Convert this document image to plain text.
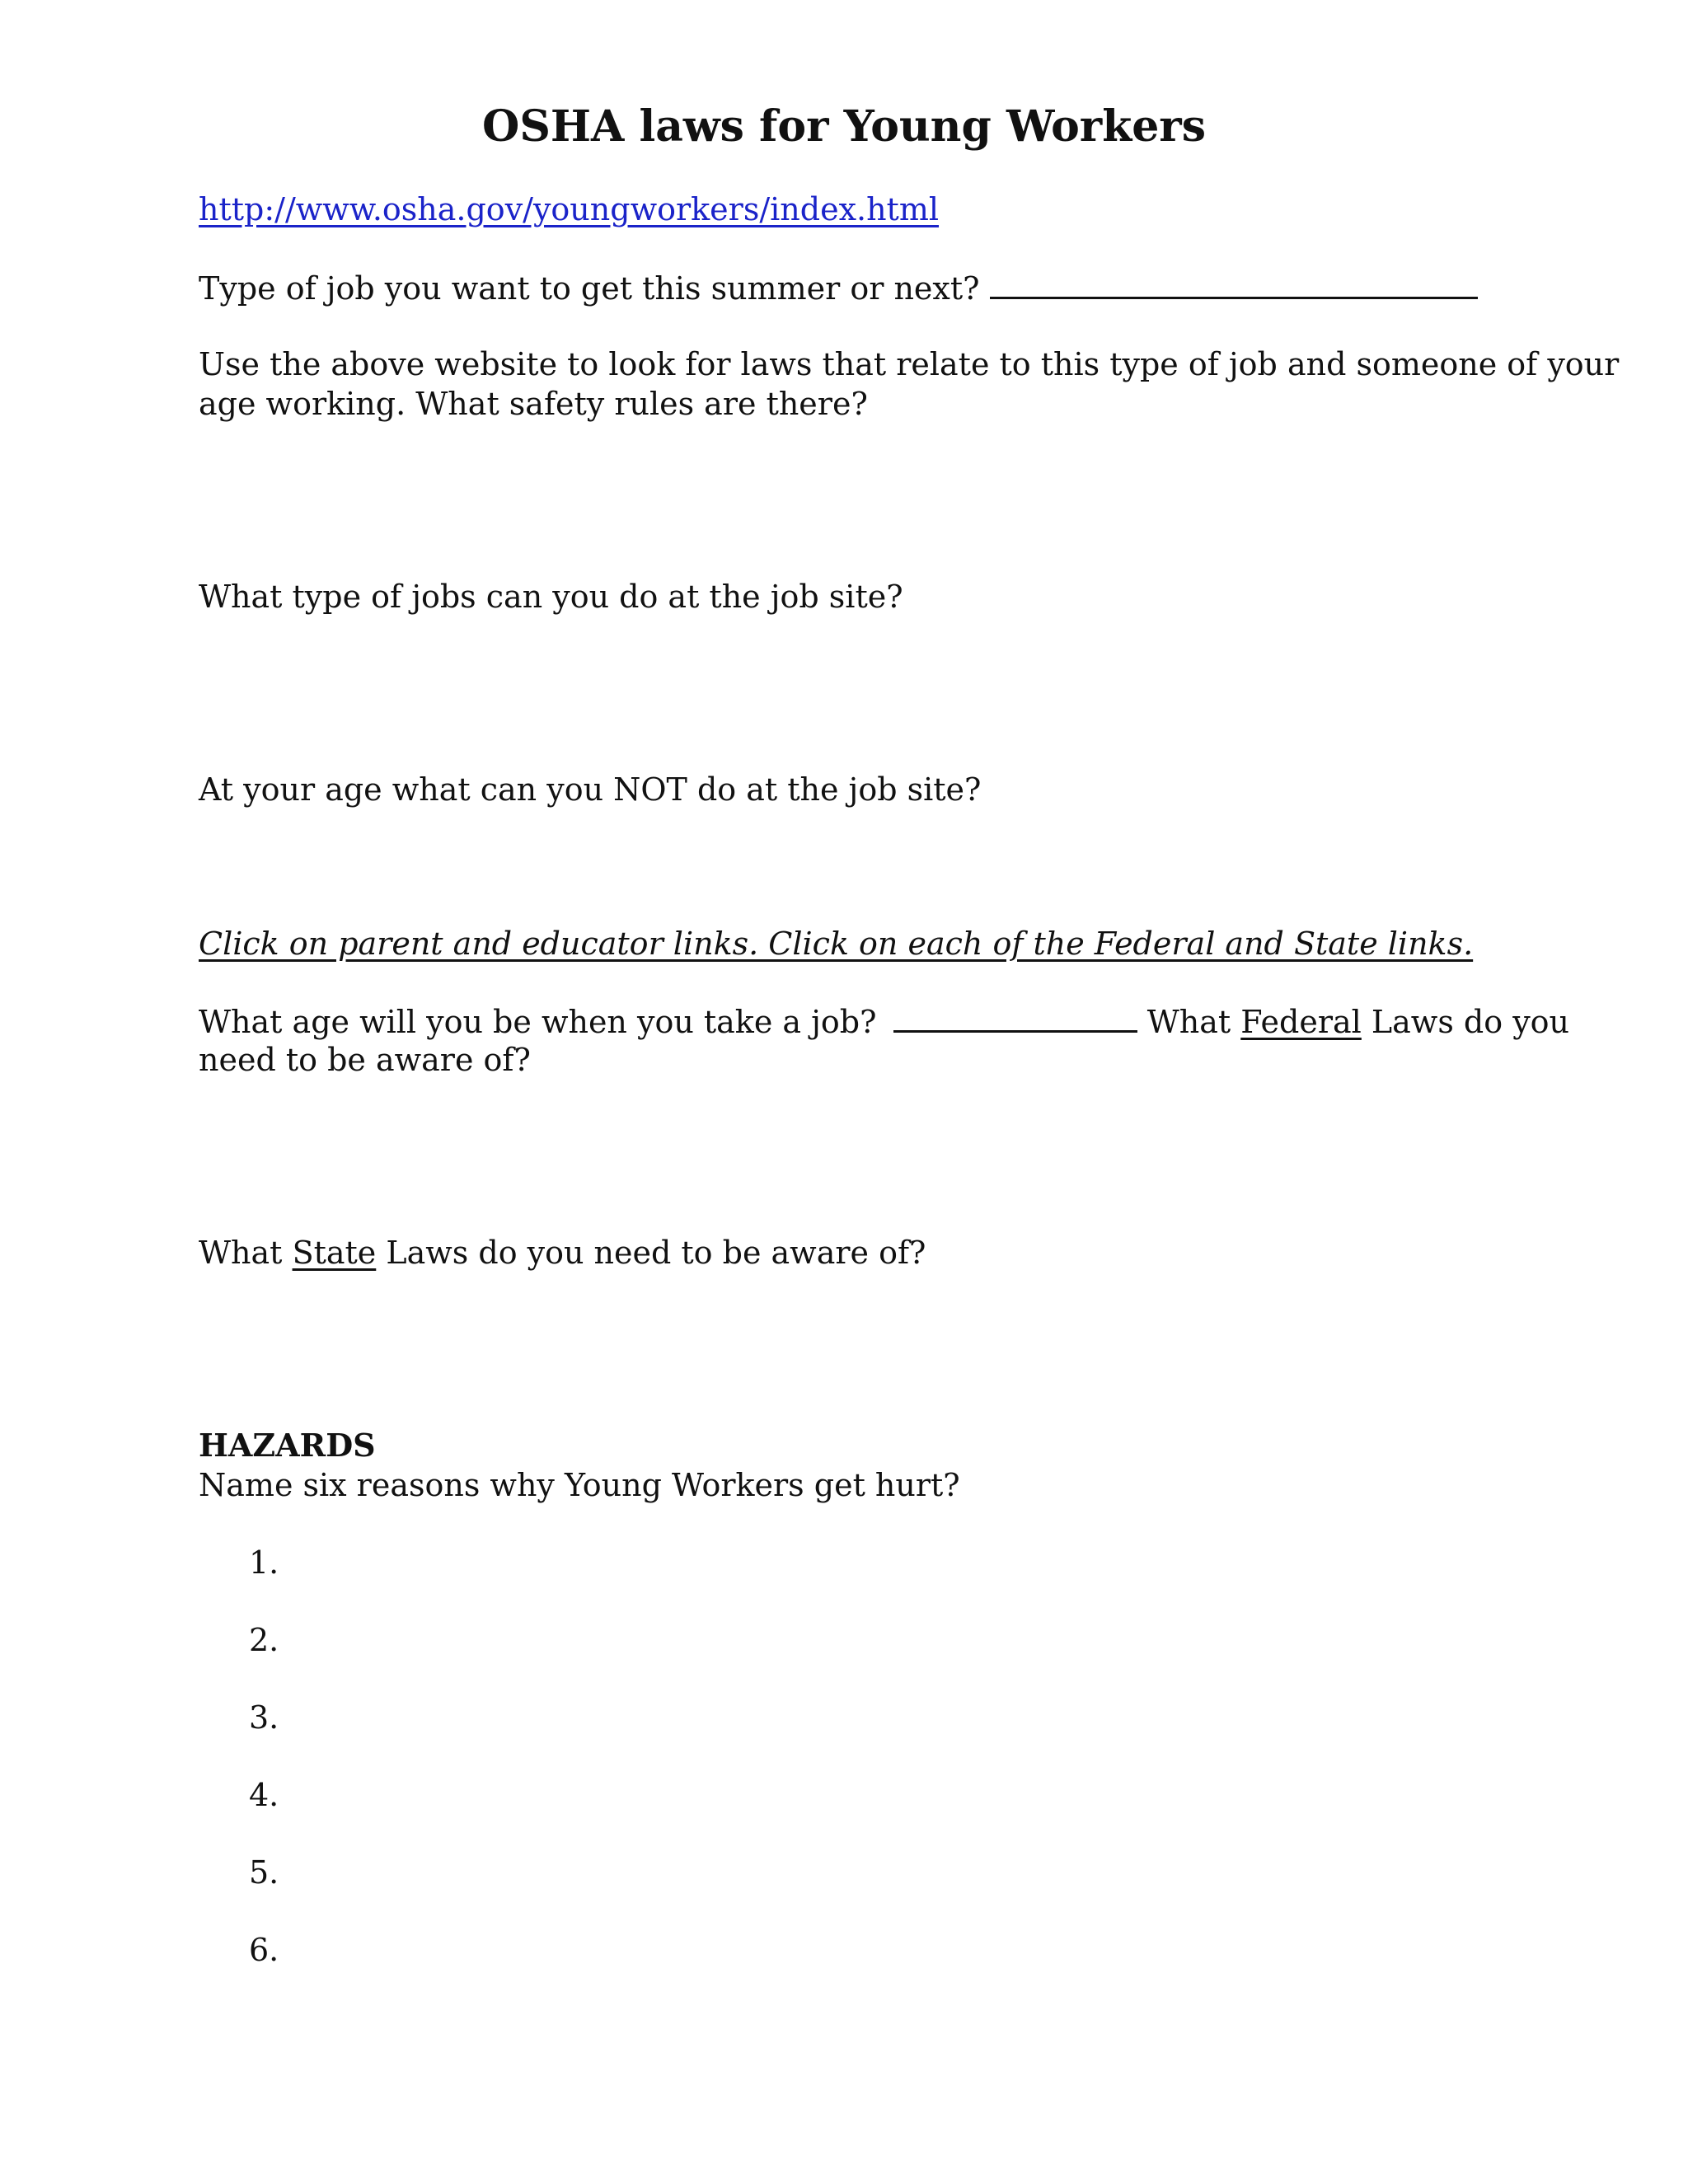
OSHA laws for Young Workers
http://www.osha.gov/youngworkers/index.html
Type of job you want to get this summer or next?
Use the above website to look for laws that relate to this type of job and someone of your
age working. What safety rules are there?
What type of jobs can you do at the job site?
At your age what can you NOT do at the job site?
Click on parent and educator links. Click on each of the Federal and State links.
What age will you be when you take a job?	What Federal Laws do you
need to be aware of?
What State Laws do you need to be aware of?
HAZARDS
Name six reasons why Young Workers get hurt?
1.
2.
3.
4.
5.
6.
